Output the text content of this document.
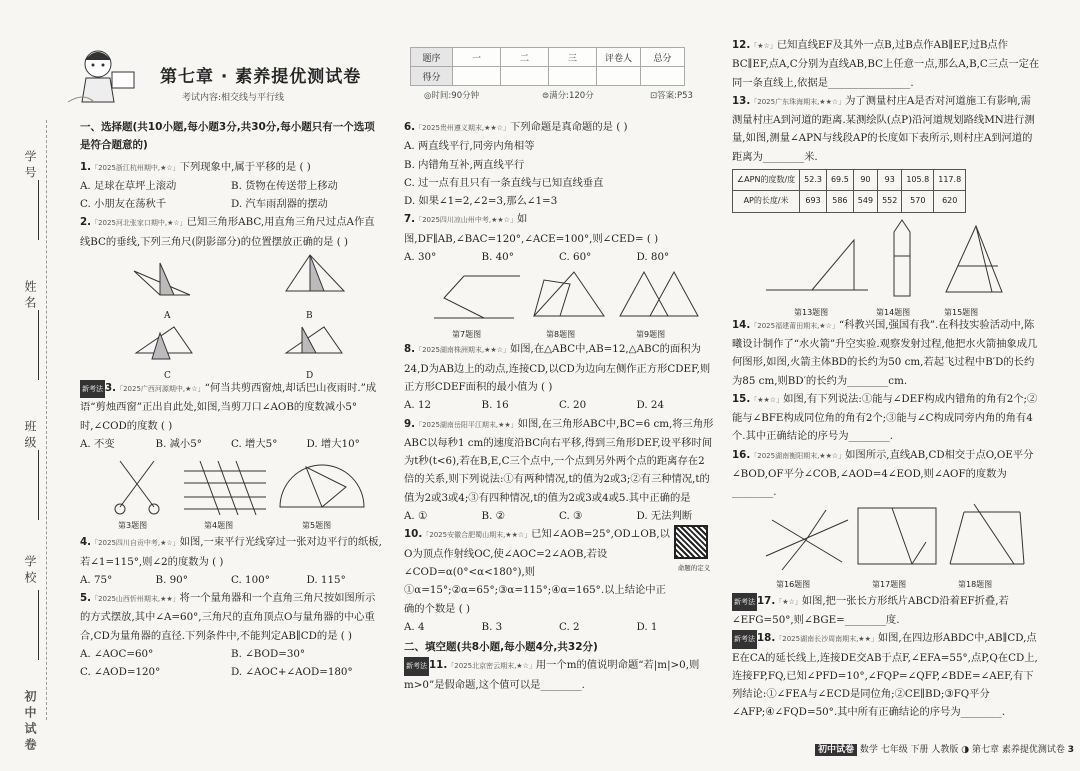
学号
姓名
班级
学校
初中试卷
第七章 · 素养提优测试卷
考试内容:相交线与平行线
题序	一	二	三	评卷人	总分
得分					
◎时间:90分钟	⊜满分:120分	⊡答案:P53

一、选择题(共10小题,每小题3分,共30分,每小题只有一个选项是符合题意的)

1.「2025浙江杭州期中,★☆」下列现象中,属于平移的是 ( )

A. 足球在草坪上滚动	B. 货物在传送带上移动
C. 小朋友在荡秋千	D. 汽车雨刮器的摆动

2.「2025河北张家口期中,★☆」已知三角形ABC,用直角三角尺过点A作直线BC的垂线,下列三角尺(阴影部分)的位置摆放正确的是 ( )

A	B
C	D

新考法 3.「2025广西河源期中,★☆」“何当共剪西窗烛,却话巴山夜雨时.”成语“剪烛西窗”正出自此处,如图,当剪刀口∠AOB的度数减小5°时,∠COD的度数 ( )

A. 不变	B. 减小5°	C. 增大5°	D. 增大10°
第3题图	第4题图	第5题图

4.「2025四川自贡中考,★☆」如图,一束平行光线穿过一张对边平行的纸板,若∠1=115°,则∠2的度数为 ( )

A. 75°	B. 90°	C. 100°	D. 115°

5.「2025山西忻州期末,★★」将一个量角器和一个直角三角尺按如图所示的方式摆放,其中∠A=60°,三角尺的直角顶点O与量角器的中心重合,CD为量角器的直径.下列条件中,不能判定AB∥CD的是 ( )

A. ∠AOC=60°	B. ∠BOD=30°
C. ∠AOD=120°	D. ∠AOC+∠AOD=180°

6.「2025贵州遵义期末,★★☆」下列命题是真命题的是 ( )

A. 两直线平行,同旁内角相等

B. 内错角互补,两直线平行

C. 过一点有且只有一条直线与已知直线垂直

D. 如果∠1=2,∠2=3,那么∠1=3

7.「2025四川凉山州中考,★★☆」如图,DF∥AB,∠BAC=120°,∠ACE=100°,则∠CED= ( )

A. 30°	B. 40°	C. 60°	D. 80°
第7题图	第8题图	第9题图

8.「2025湖南株洲期末,★★☆」如图,在△ABC中,AB=12,△ABC的面积为24,D为AB边上的动点,连接CD,以CD为边向左侧作正方形CDEF,则正方形CDEF面积的最小值为 ( )

A. 12	B. 16	C. 20	D. 24

9.「2025湖南岳阳平江期末,★★」如图,在三角形ABC中,BC=6 cm,将三角形ABC以每秒1 cm的速度沿BC向右平移,得到三角形DEF,设平移时间为t秒(t<6),若在B,E,C三个点中,一个点到另外两个点的距离存在2倍的关系,则下列说法:①有两种情况,t的值为2或3;②有三种情况,t的值为2或3或4;③有四种情况,t的值为2或3或4或5.其中正确的是

A. ①	B. ②	C. ③	D. 无法判断

10.「2025安徽合肥蜀山期末,★★☆」已知∠AOB=25°,OD⊥OB,以O为顶点作射线OC,使∠AOC=2∠AOB,若设∠COD=α(0°<α<180°),则①α=15°;②α=65°;③α=115°;④α=165°.以上结论中正确的个数是 ( )

命题的定义
A. 4	B. 3	C. 2	D. 1

二、填空题(共8小题,每小题4分,共32分)

新考法 11.「2025北京密云期末,★☆」用一个m的值说明命题“若|m|>0,则m>0”是假命题,这个值可以是________.

12.「★☆」已知直线EF及其外一点B,过B点作AB∥EF,过B点作BC∥EF,点A,C分别为直线AB,BC上任意一点,那么A,B,C三点一定在同一条直线上,依据是________________.

13.「2025广东珠海期末,★★☆」为了测量村庄A是否对河道施工有影响,需测量村庄A到河道的距离.某测绘队(点P)沿河道规划路线MN进行测量,如图,测量∠APN与线段AP的长度如下表所示,则村庄A到河道的距离为________米.

∠APN的度数/度	52.3	69.5	90	93	105.8	117.8
AP的长度/米	693	586	549	552	570	620
第13题图	第14题图	第15题图

14.「2025福建莆田期末,★☆」“科教兴国,强国有我”.在科技实验活动中,陈曦设计制作了“水火箭”升空实验.观察发射过程,他把水火箭抽象成几何图形,如图,火箭主体BD的长约为50 cm,若起飞过程中B′D的长约为85 cm,则BD′的长约为________cm.

15.「★★☆」如图,有下列说法:①能与∠DEF构成内错角的角有2个;②能与∠BFE构成同位角的角有2个;③能与∠C构成同旁内角的角有4个.其中正确结论的序号为________.

16.「2025湖南衡阳期末,★★☆」如图所示,直线AB,CD相交于点O,OE平分∠BOD,OF平分∠COB,∠AOD=4∠EOD,则∠AOF的度数为________.

第16题图	第17题图	第18题图

新考法 17.「★☆」如图,把一张长方形纸片ABCD沿着EF折叠,若∠EFG=50°,则∠BGE=________度.

新考法 18.「2025湖南长沙周南期末,★★」如图,在四边形ABDC中,AB∥CD,点E在CA的延长线上,连接DE交AB于点F,∠EFA=55°,点P,Q在CD上,连接FP,FQ,已知∠PFD=10°,∠FQP=∠QFP,∠BDE=∠AEF,有下列结论:①∠FEA与∠ECD是同位角;②CE∥BD;③FQ平分∠AFP;④∠FQD=50°.其中所有正确结论的序号为________.

初中试卷 数学 七年级 下册 人教版 ◑ 第七章 素养提优测试卷 3
